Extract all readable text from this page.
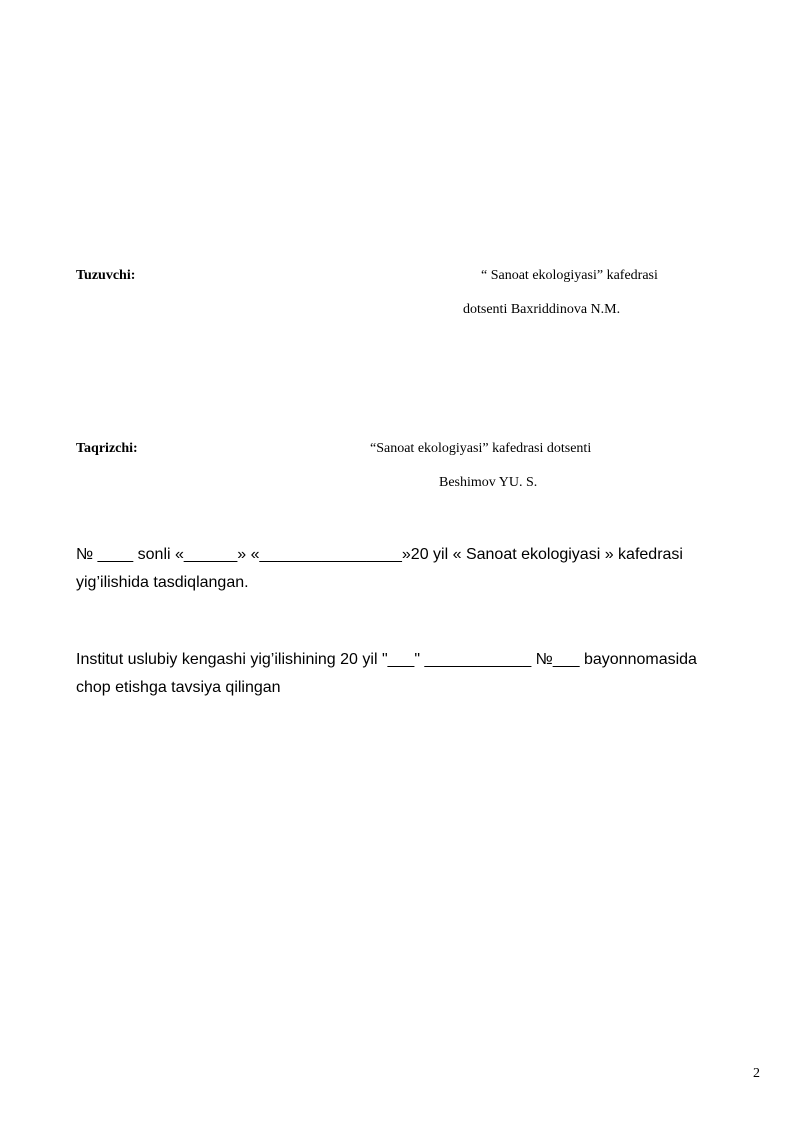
Tuzuvchi:	“ Sanoat ekologiyasi” kafedrasi
dotsenti Baxriddinova N.M.
Taqrizchi:	“Sanoat ekologiyasi” kafedrasi dotsenti
Beshimov YU. S.
№ ____ sonli «______» «________________»20 yil « Sanoat ekologiyasi » kafedrasi
yig’ilishida tasdiqlangan.
Institut uslubiy kengashi yig’ilishining 20 yil "___" ____________ №___ bayonnomasida
chop etishga tavsiya qilingan
2
